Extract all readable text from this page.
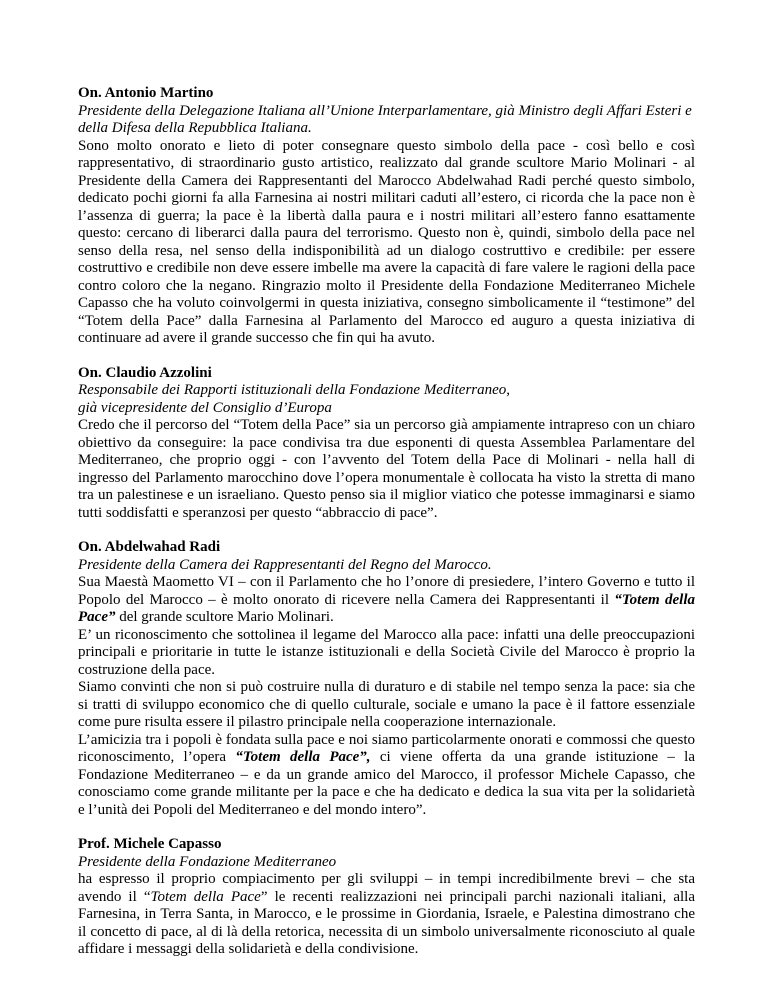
On. Antonio Martino
Presidente della Delegazione Italiana all’Unione Interparlamentare, già Ministro degli Affari Esteri e della Difesa della Repubblica Italiana.
Sono molto onorato e lieto di poter consegnare questo simbolo della pace - così bello e così rappresentativo, di straordinario gusto artistico, realizzato dal grande scultore Mario Molinari - al Presidente della Camera dei Rappresentanti del Marocco Abdelwahad Radi perché questo simbolo, dedicato pochi giorni fa alla Farnesina ai nostri militari caduti all’estero, ci ricorda che la pace non è l’assenza di guerra; la pace è la libertà dalla paura e i nostri militari all’estero fanno esattamente questo: cercano di liberarci dalla paura del terrorismo. Questo non è, quindi, simbolo della pace nel senso della resa, nel senso della indisponibilità ad un dialogo costruttivo e credibile: per essere costruttivo e credibile non deve essere imbelle ma avere la capacità di fare valere le ragioni della pace contro coloro che la negano. Ringrazio molto il Presidente della Fondazione Mediterraneo Michele Capasso che ha voluto coinvolgermi in questa iniziativa, consegno simbolicamente il “testimone” del “Totem della Pace” dalla Farnesina al Parlamento del Marocco ed auguro a questa iniziativa di continuare ad avere il grande successo che fin qui ha avuto.
On. Claudio Azzolini
Responsabile dei Rapporti istituzionali della Fondazione Mediterraneo,
già vicepresidente del Consiglio d’Europa
Credo che il percorso del “Totem della Pace” sia un percorso già ampiamente intrapreso con un chiaro obiettivo da conseguire: la pace condivisa tra due esponenti di questa Assemblea Parlamentare del Mediterraneo, che proprio oggi - con l’avvento del Totem della Pace di Molinari - nella hall di ingresso del Parlamento marocchino dove l’opera monumentale è collocata ha visto la stretta di mano tra un palestinese e un israeliano. Questo penso sia il miglior viatico che potesse immaginarsi e siamo tutti soddisfatti e speranzosi per questo “abbraccio di pace”.
On. Abdelwahad Radi
Presidente della Camera dei Rappresentanti del Regno del Marocco.

Sua Maestà Maometto VI – con il Parlamento che ho l’onore di presiedere, l’intero Governo e tutto il Popolo del Marocco – è molto onorato di ricevere nella Camera dei Rappresentanti il “Totem della Pace” del grande scultore Mario Molinari.

E’ un riconoscimento che sottolinea il legame del Marocco alla pace: infatti una delle preoccupazioni principali e prioritarie in tutte le istanze istituzionali e della Società Civile del Marocco è proprio la costruzione della pace.

Siamo convinti che non si può costruire nulla di duraturo e di stabile nel tempo senza la pace: sia che si tratti di sviluppo economico che di quello culturale, sociale e umano la pace è il fattore essenziale come pure risulta essere il pilastro principale nella cooperazione internazionale.

L’amicizia tra i popoli è fondata sulla pace e noi siamo particolarmente onorati e commossi che questo riconoscimento, l’opera “Totem della Pace”, ci viene offerta da una grande istituzione – la Fondazione Mediterraneo – e da un grande amico del Marocco, il professor Michele Capasso, che conosciamo come grande militante per la pace e che ha dedicato e dedica la sua vita per la solidarietà e l’unità dei Popoli del Mediterraneo e del mondo intero”.

Prof. Michele Capasso
Presidente della Fondazione Mediterraneo
ha espresso il proprio compiacimento per gli sviluppi – in tempi incredibilmente brevi – che sta avendo il “Totem della Pace” le recenti realizzazioni nei principali parchi nazionali italiani, alla Farnesina, in Terra Santa, in Marocco, e le prossime in Giordania, Israele, e Palestina dimostrano che il concetto di pace, al di là della retorica, necessita di un simbolo universalmente riconosciuto al quale affidare i messaggi della solidarietà e della condivisione.
